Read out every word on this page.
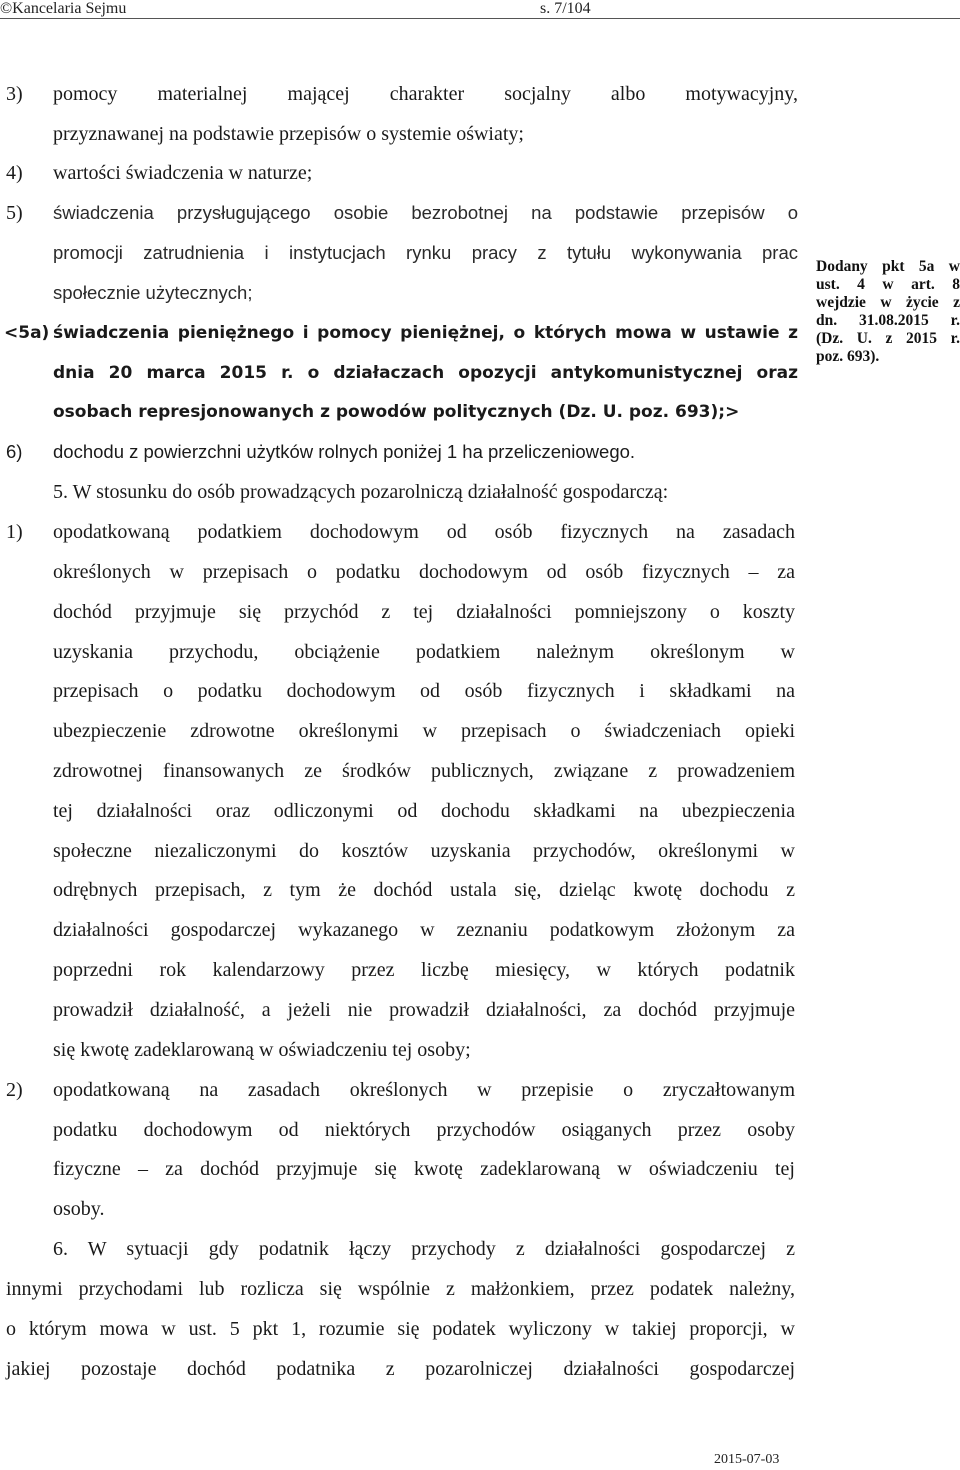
©Kancelaria Sejmu	s. 7/104
3) pomocy materialnej mającej charakter socjalny albo motywacyjny,
przyznawanej na podstawie przepisów o systemie oświaty;
4) wartości świadczenia w naturze;
5) świadczenia przysługującego osobie bezrobotnej na podstawie przepisów o
promocji zatrudnienia i instytucjach rynku pracy z tytułu wykonywania prac
społecznie użytecznych;
<5a) świadczenia pieniężnego i pomocy pieniężnej, o których mowa w ustawie z
dnia 20 marca 2015 r. o działaczach opozycji antykomunistycznej oraz
osobach represjonowanych z powodów politycznych (Dz. U. poz. 693);>
6) dochodu z powierzchni użytków rolnych poniżej 1 ha przeliczeniowego.
Dodany pkt 5a w
ust. 4 w art. 8
wejdzie w życie z
dn. 31.08.2015 r.
(Dz. U. z 2015 r.
poz. 693).
5. W stosunku do osób prowadzących pozarolniczą działalność gospodarczą:
1) opodatkowaną podatkiem dochodowym od osób fizycznych na zasadach
określonych w przepisach o podatku dochodowym od osób fizycznych – za
dochód przyjmuje się przychód z tej działalności pomniejszony o koszty
uzyskania przychodu, obciążenie podatkiem należnym określonym w
przepisach o podatku dochodowym od osób fizycznych i składkami na
ubezpieczenie zdrowotne określonymi w przepisach o świadczeniach opieki
zdrowotnej finansowanych ze środków publicznych, związane z prowadzeniem
tej działalności oraz odliczonymi od dochodu składkami na ubezpieczenia
społeczne niezaliczonymi do kosztów uzyskania przychodów, określonymi w
odrębnych przepisach, z tym że dochód ustala się, dzieląc kwotę dochodu z
działalności gospodarczej wykazanego w zeznaniu podatkowym złożonym za
poprzedni rok kalendarzowy przez liczbę miesięcy, w których podatnik
prowadził działalność, a jeżeli nie prowadził działalności, za dochód przyjmuje
się kwotę zadeklarowaną w oświadczeniu tej osoby;
2) opodatkowaną na zasadach określonych w przepisie o zryczałtowanym
podatku dochodowym od niektórych przychodów osiąganych przez osoby
fizyczne – za dochód przyjmuje się kwotę zadeklarowaną w oświadczeniu tej
osoby.
6. W sytuacji gdy podatnik łączy przychody z działalności gospodarczej z
innymi przychodami lub rozlicza się wspólnie z małżonkiem, przez podatek należny,
o którym mowa w ust. 5 pkt 1, rozumie się podatek wyliczony w takiej proporcji, w
jakiej pozostaje dochód podatnika z pozarolniczej działalności gospodarczej
2015-07-03
